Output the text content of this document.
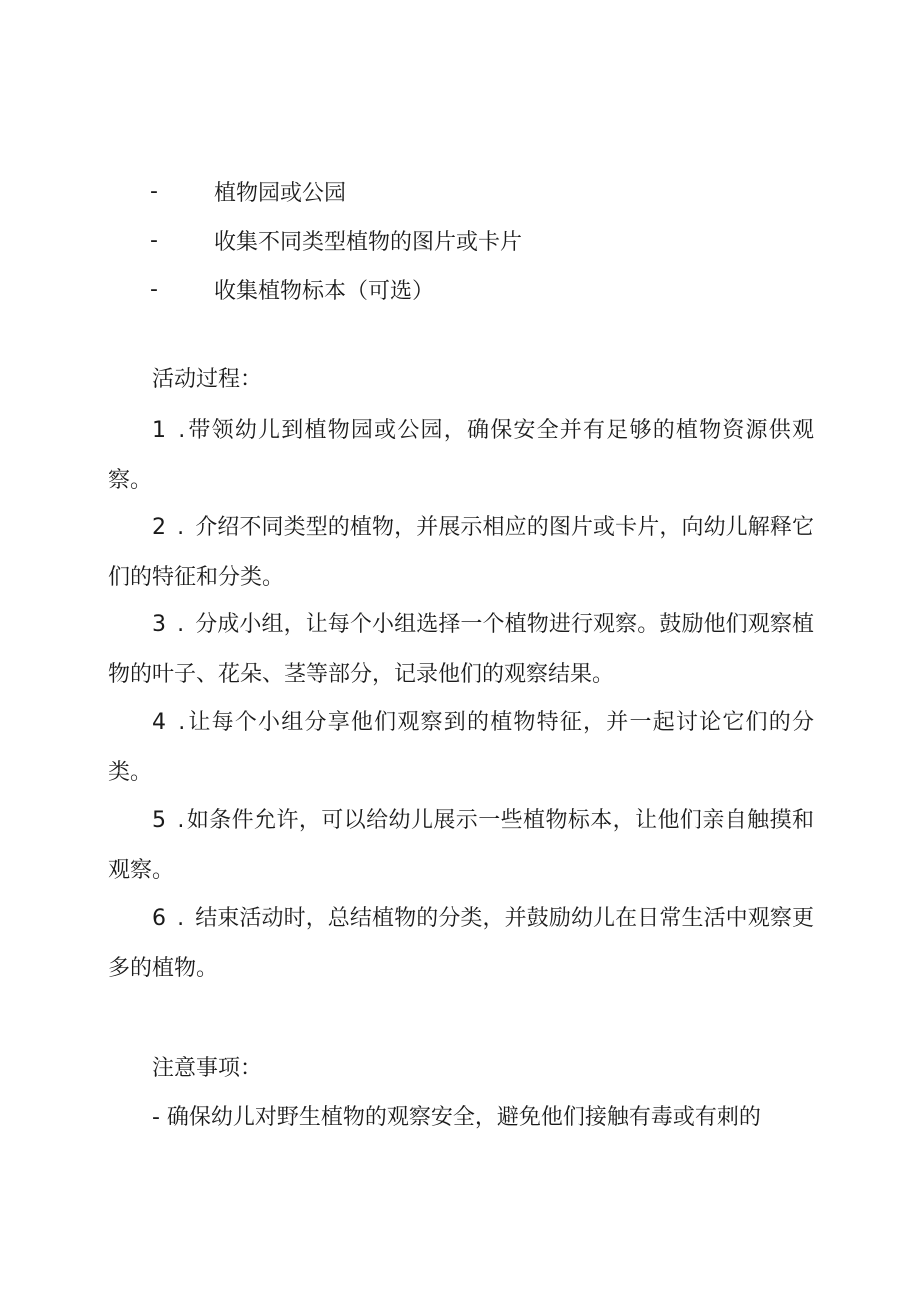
-	植物园或公园
-	收集不同类型植物的图片或卡片
-	收集植物标本（可选）
活动过程：
1 .带领幼儿到植物园或公园，确保安全并有足够的植物资源供观察。
2 . 介绍不同类型的植物，并展示相应的图片或卡片，向幼儿解释它们的特征和分类。
3 . 分成小组，让每个小组选择一个植物进行观察。鼓励他们观察植物的叶子、花朵、茎等部分，记录他们的观察结果。
4 .让每个小组分享他们观察到的植物特征，并一起讨论它们的分类。
5 .如条件允许，可以给幼儿展示一些植物标本，让他们亲自触摸和观察。
6 . 结束活动时，总结植物的分类，并鼓励幼儿在日常生活中观察更多的植物。
注意事项：
- 确保幼儿对野生植物的观察安全，避免他们接触有毒或有刺的
